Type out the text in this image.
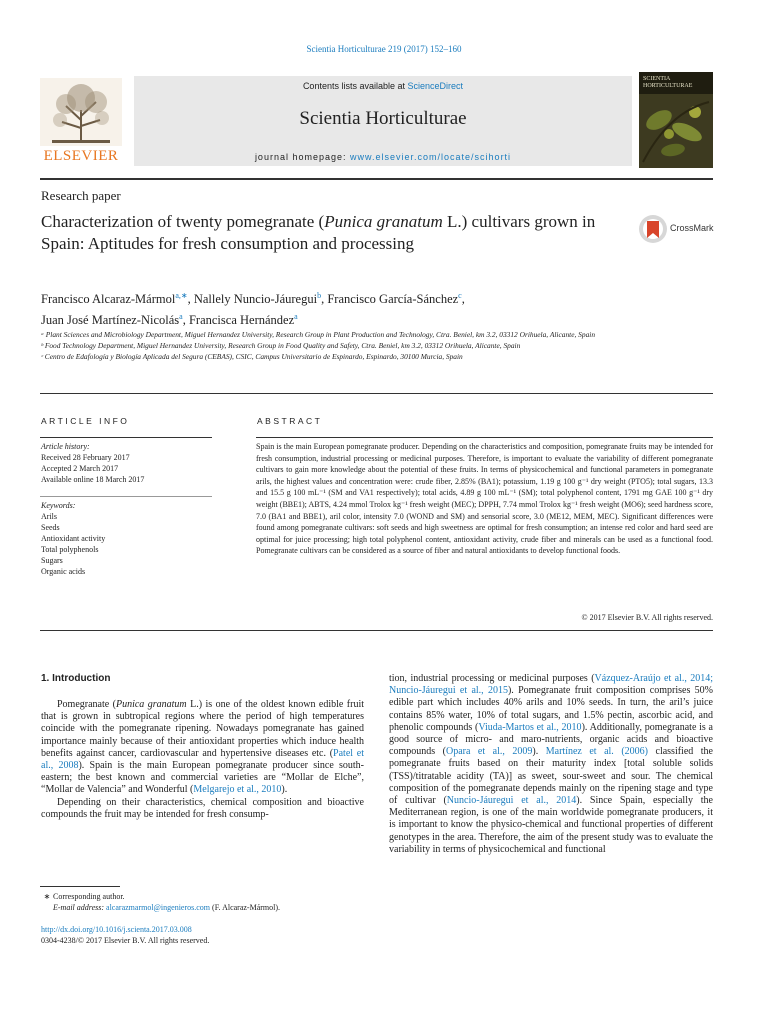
Scientia Horticulturae 219 (2017) 152–160
ELSEVIER
Contents lists available at ScienceDirect
Scientia Horticulturae
journal homepage: www.elsevier.com/locate/scihorti
SCIENTIA HORTICULTURAE
Research paper
Characterization of twenty pomegranate (Punica granatum L.) cultivars grown in Spain: Aptitudes for fresh consumption and processing
CrossMark
Francisco Alcaraz-Mármol$^{a,∗}$, Nallely Nuncio-Jáuregui$^b$, Francisco García-Sánchez$^c$,
Juan José Martínez-Nicolás$^a$, Francisca Hernández$^a$
ᵃ Plant Sciences and Microbiology Department, Miguel Hernandez University, Research Group in Plant Production and Technology, Ctra. Beniel, km 3.2, 03312 Orihuela, Alicante, Spain
ᵇ Food Technology Department, Miguel Hernandez University, Research Group in Food Quality and Safety, Ctra. Beniel, km 3.2, 03312 Orihuela, Alicante, Spain
ᶜ Centro de Edafología y Biología Aplicada del Segura (CEBAS), CSIC, Campus Universitario de Espinardo, Espinardo, 30100 Murcia, Spain
ARTICLE INFO	ABSTRACT
Article history:
Received 28 February 2017
Accepted 2 March 2017
Available online 18 March 2017
Keywords:
Arils
Seeds
Antioxidant activity
Total polyphenols
Sugars
Organic acids
Spain is the main European pomegranate producer. Depending on the characteristics and composition, pomegranate fruits may be intended for fresh consumption, industrial processing or medicinal purposes. Therefore, is important to evaluate the variability of different pomegranate cultivars to gain more knowledge about the potential of these fruits. In terms of physicochemical and functional parameters in pomegranate arils, the highest values and concentration were: crude fiber, 2.85% (BA1); potassium, 1.19 g 100 g⁻¹ dry weight (PTO5); total sugars, 13.3 and 15.5 g 100 mL⁻¹ (SM and VA1 respectively); total acids, 4.89 g 100 mL⁻¹ (SM); total polyphenol content, 1791 mg GAE 100 g⁻¹ dry weight (BBE1); ABTS, 4.24 mmol Trolox kg⁻¹ fresh weight (MEC); DPPH, 7.74 mmol Trolox kg⁻¹ fresh weight (MO6); seed hardness score, 7.0 (BA1 and BBE1), aril color, intensity 7.0 (WOND and SM) and sensorial score, 3.0 (ME12, MEM, MEC). Significant differences were found among pomegranate cultivars: soft seeds and high sweetness are optimal for fresh consumption; an intense red color and hard seed are optimal for juice processing; high total polyphenol content, antioxidant activity, crude fiber and minerals can be used as a functional food. Pomegranate cultivars can be considered as a source of fiber and natural antioxidants to develop functional foods.
© 2017 Elsevier B.V. All rights reserved.
1. Introduction

Pomegranate (Punica granatum L.) is one of the oldest known edible fruit that is grown in subtropical regions where the period of high temperatures coincide with the pomegranate ripening. Nowadays pomegranate has gained importance mainly because of their antioxidant properties which induce health benefits against cancer, cardiovascular and hypertensive diseases etc. (Patel et al., 2008). Spain is the main European pomegranate producer since south-eastern; the best known and commercial varieties are “Mollar de Elche”, “Mollar de Valencia” and Wonderful (Melgarejo et al., 2010).

Depending on their characteristics, chemical composition and bioactive compounds the fruit may be intended for fresh consump-

tion, industrial processing or medicinal purposes (Vázquez-Araújo et al., 2014; Nuncio-Jáuregui et al., 2015). Pomegranate fruit composition comprises 50% edible part which includes 40% arils and 10% seeds. In turn, the aril’s juice contains 85% water, 10% of total sugars, and 1.5% pectin, ascorbic acid, and phenolic compounds (Viuda-Martos et al., 2010). Additionally, pomegranate is a good source of micro- and maro-nutrients, organic acids and bioactive compounds (Opara et al., 2009). Martínez et al. (2006) classified the pomegranate fruits based on their maturity index [total soluble solids (TSS)/titratable acidity (TA)] as sweet, sour-sweet and sour. The chemical composition of the pomegranate depends mainly on the ripening stage and type of cultivar (Nuncio-Jáuregui et al., 2014). Since Spain, especially the Mediterranean region, is one of the main worldwide pomegranate producers, it is important to know the physico-chemical and functional properties of different genotypes in the area. Therefore, the aim of the present study was to evaluate the variability in terms of physicochemical and functional

∗ Corresponding author.
E-mail address: alcarazmarmol@ingenieros.com (F. Alcaraz-Mármol).
http://dx.doi.org/10.1016/j.scienta.2017.03.008
0304-4238/© 2017 Elsevier B.V. All rights reserved.
